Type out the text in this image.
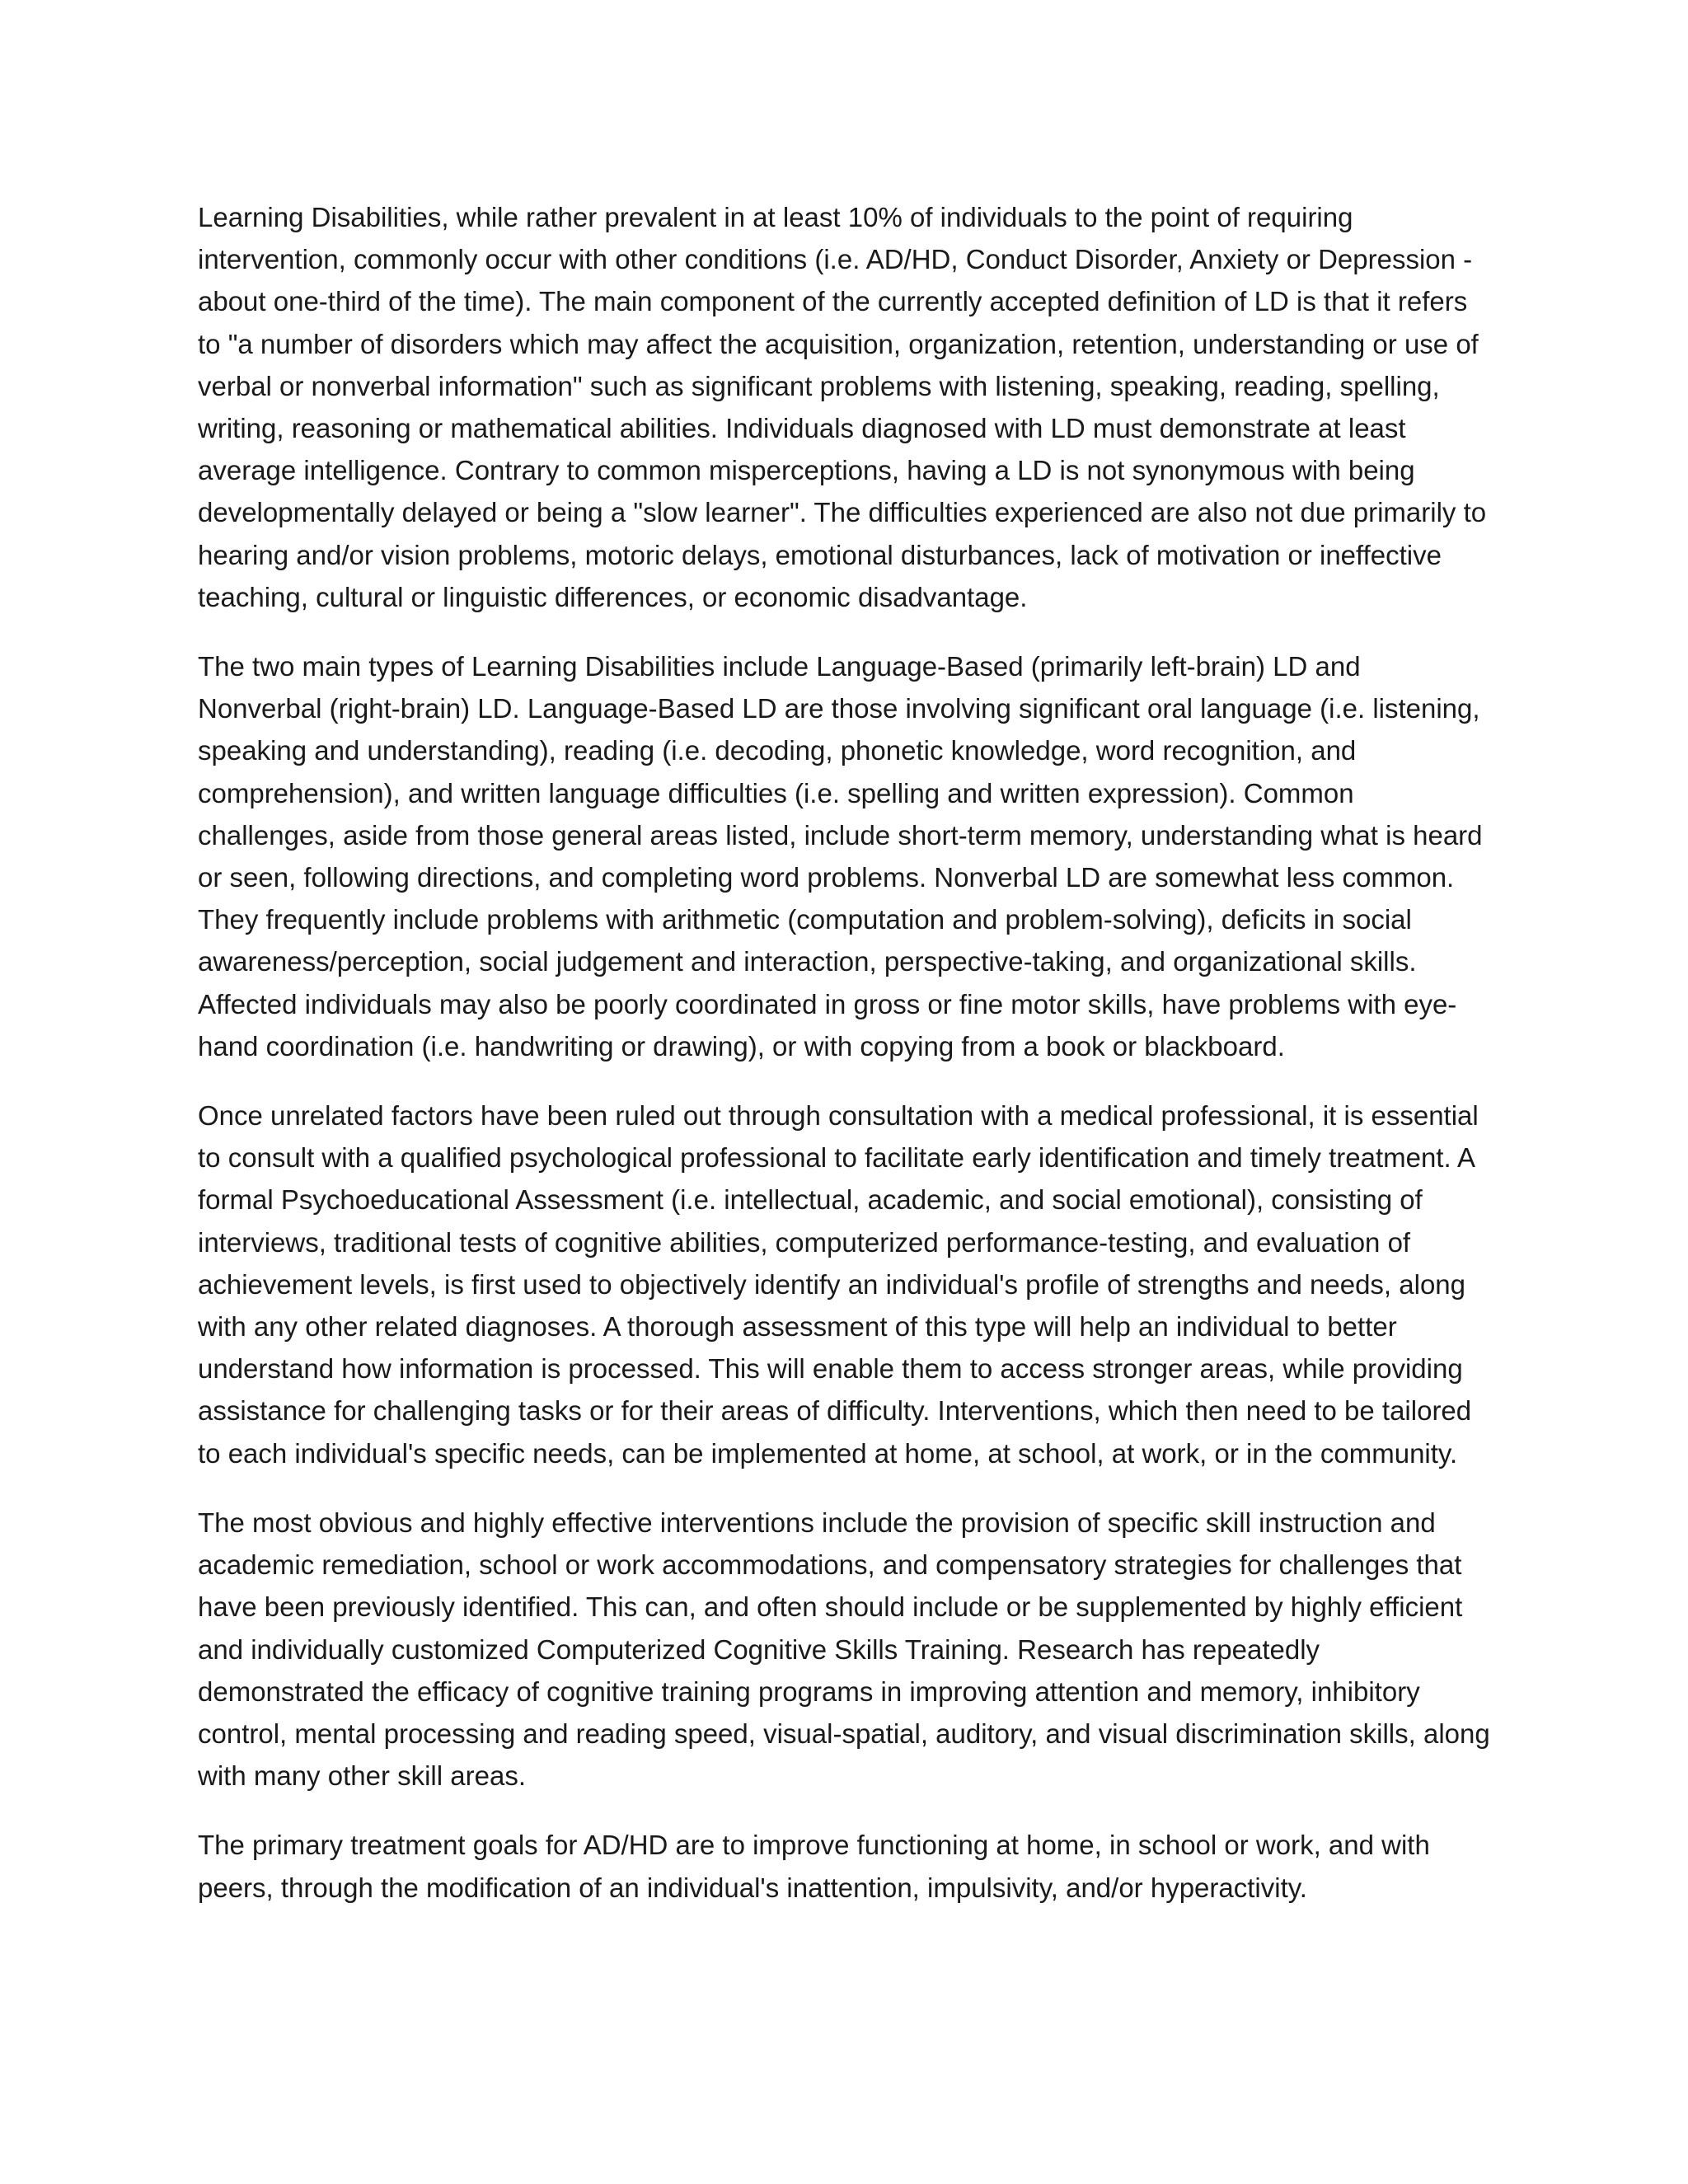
Learning Disabilities, while rather prevalent in at least 10% of individuals to the point of requiring intervention, commonly occur with other conditions (i.e. AD/HD, Conduct Disorder, Anxiety or Depression - about one-third of the time). The main component of the currently accepted definition of LD is that it refers to "a number of disorders which may affect the acquisition, organization, retention, understanding or use of verbal or nonverbal information" such as significant problems with listening, speaking, reading, spelling, writing, reasoning or mathematical abilities. Individuals diagnosed with LD must demonstrate at least average intelligence. Contrary to common misperceptions, having a LD is not synonymous with being developmentally delayed or being a "slow learner". The difficulties experienced are also not due primarily to hearing and/or vision problems, motoric delays, emotional disturbances, lack of motivation or ineffective teaching, cultural or linguistic differences, or economic disadvantage.

The two main types of Learning Disabilities include Language-Based (primarily left-brain) LD and Nonverbal (right-brain) LD. Language-Based LD are those involving significant oral language (i.e. listening, speaking and understanding), reading (i.e. decoding, phonetic knowledge, word recognition, and comprehension), and written language difficulties (i.e. spelling and written expression). Common challenges, aside from those general areas listed, include short-term memory, understanding what is heard or seen, following directions, and completing word problems. Nonverbal LD are somewhat less common. They frequently include problems with arithmetic (computation and problem-solving), deficits in social awareness/perception, social judgement and interaction, perspective-taking, and organizational skills. Affected individuals may also be poorly coordinated in gross or fine motor skills, have problems with eye-hand coordination (i.e. handwriting or drawing), or with copying from a book or blackboard.

Once unrelated factors have been ruled out through consultation with a medical professional, it is essential to consult with a qualified psychological professional to facilitate early identification and timely treatment. A formal Psychoeducational Assessment (i.e. intellectual, academic, and social emotional), consisting of interviews, traditional tests of cognitive abilities, computerized performance-testing, and evaluation of achievement levels, is first used to objectively identify an individual's profile of strengths and needs, along with any other related diagnoses. A thorough assessment of this type will help an individual to better understand how information is processed. This will enable them to access stronger areas, while providing assistance for challenging tasks or for their areas of difficulty. Interventions, which then need to be tailored to each individual's specific needs, can be implemented at home, at school, at work, or in the community.

The most obvious and highly effective interventions include the provision of specific skill instruction and academic remediation, school or work accommodations, and compensatory strategies for challenges that have been previously identified. This can, and often should include or be supplemented by highly efficient and individually customized Computerized Cognitive Skills Training. Research has repeatedly demonstrated the efficacy of cognitive training programs in improving attention and memory, inhibitory control, mental processing and reading speed, visual-spatial, auditory, and visual discrimination skills, along with many other skill areas.

The primary treatment goals for AD/HD are to improve functioning at home, in school or work, and with peers, through the modification of an individual's inattention, impulsivity, and/or hyperactivity.
